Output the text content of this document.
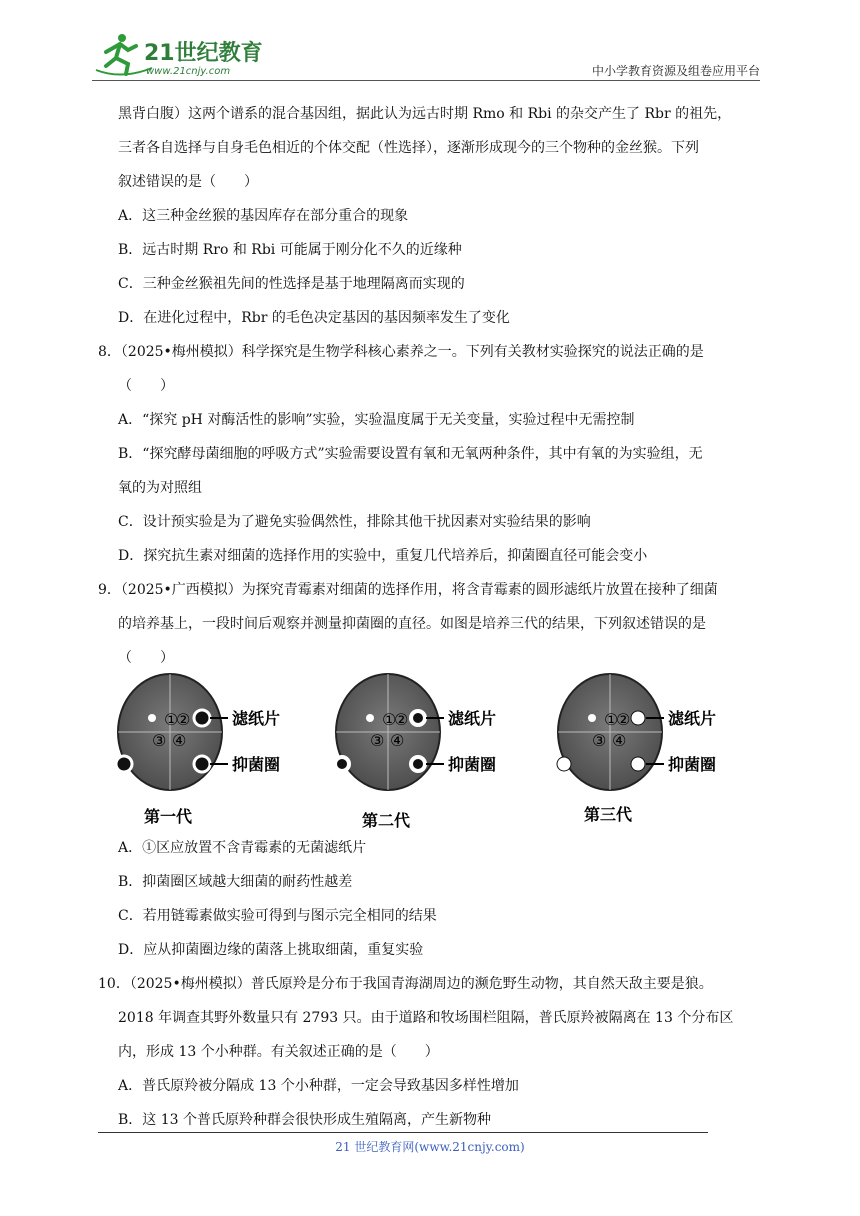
21世纪教育
www.21cnjy.com	中小学教育资源及组卷应用平台
黑背白腹）这两个谱系的混合基因组，据此认为远古时期 Rmo 和 Rbi 的杂交产生了 Rbr 的祖先，
三者各自选择与自身毛色相近的个体交配（性选择），逐渐形成现今的三个物种的金丝猴。下列
叙述错误的是（　　）
A．这三种金丝猴的基因库存在部分重合的现象
B．远古时期 Rro 和 Rbi 可能属于刚分化不久的近缘种
C．三种金丝猴祖先间的性选择是基于地理隔离而实现的
D．在进化过程中，Rbr 的毛色决定基因的基因频率发生了变化
8．（2025•梅州模拟）科学探究是生物学科核心素养之一。下列有关教材实验探究的说法正确的是
（　　）
A．“探究 pH 对酶活性的影响”实验，实验温度属于无关变量，实验过程中无需控制
B．“探究酵母菌细胞的呼吸方式”实验需要设置有氧和无氧两种条件，其中有氧的为实验组，无
氧的为对照组
C．设计预实验是为了避免实验偶然性，排除其他干扰因素对实验结果的影响
D．探究抗生素对细菌的选择作用的实验中，重复几代培养后，抑菌圈直径可能会变小
9．（2025•广西模拟）为探究青霉素对细菌的选择作用，将含青霉素的圆形滤纸片放置在接种了细菌
的培养基上，一段时间后观察并测量抑菌圈的直径。如图是培养三代的结果，下列叙述错误的是
（　　）
①
②
③ ④
滤纸片
抑菌圈
第一代
①
②
③ ④
滤纸片
抑菌圈
第二代
①
②
③ ④
滤纸片
抑菌圈
第三代
A．①区应放置不含青霉素的无菌滤纸片
B．抑菌圈区域越大细菌的耐药性越差
C．若用链霉素做实验可得到与图示完全相同的结果
D．应从抑菌圈边缘的菌落上挑取细菌，重复实验
10．（2025•梅州模拟）普氏原羚是分布于我国青海湖周边的濒危野生动物，其自然天敌主要是狼。
2018 年调查其野外数量只有 2793 只。由于道路和牧场围栏阻隔，普氏原羚被隔离在 13 个分布区
内，形成 13 个小种群。有关叙述正确的是（　　）
A．普氏原羚被分隔成 13 个小种群，一定会导致基因多样性增加
B．这 13 个普氏原羚种群会很快形成生殖隔离，产生新物种
21 世纪教育网(www.21cnjy.com)
